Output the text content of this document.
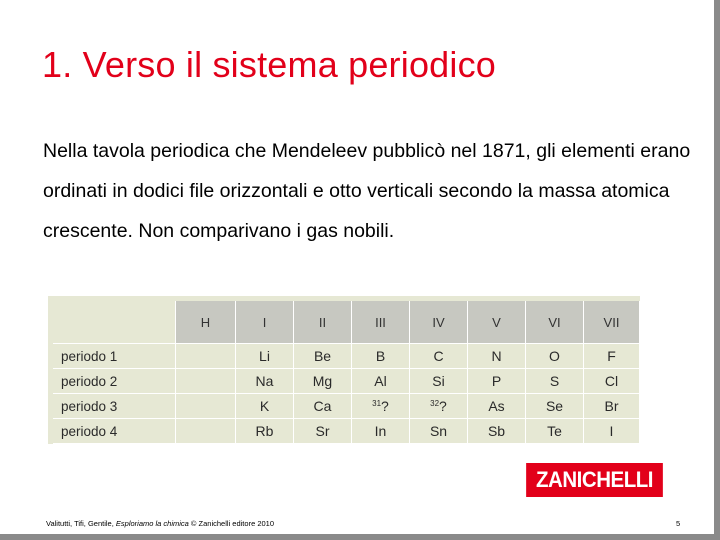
1. Verso il sistema periodico

Nella tavola periodica che Mendeleev pubblicò nel 1871, gli elementi erano ordinati in dodici file orizzontali e otto verticali secondo la massa atomica crescente. Non comparivano i gas nobili.

	H	I	II	III	IV	V	VI	VII
periodo 1		Li	Be	B	C	N	O	F
periodo 2		Na	Mg	Al	Si	P	S	Cl
periodo 3		K	Ca	$^{31}$?	$^{32}$?	As	Se	Br
periodo 4		Rb	Sr	In	Sn	Sb	Te	I
ZANICHELLI
Valitutti, Tifi, Gentile, Esploriamo la chimica © Zanichelli editore 2010	5
